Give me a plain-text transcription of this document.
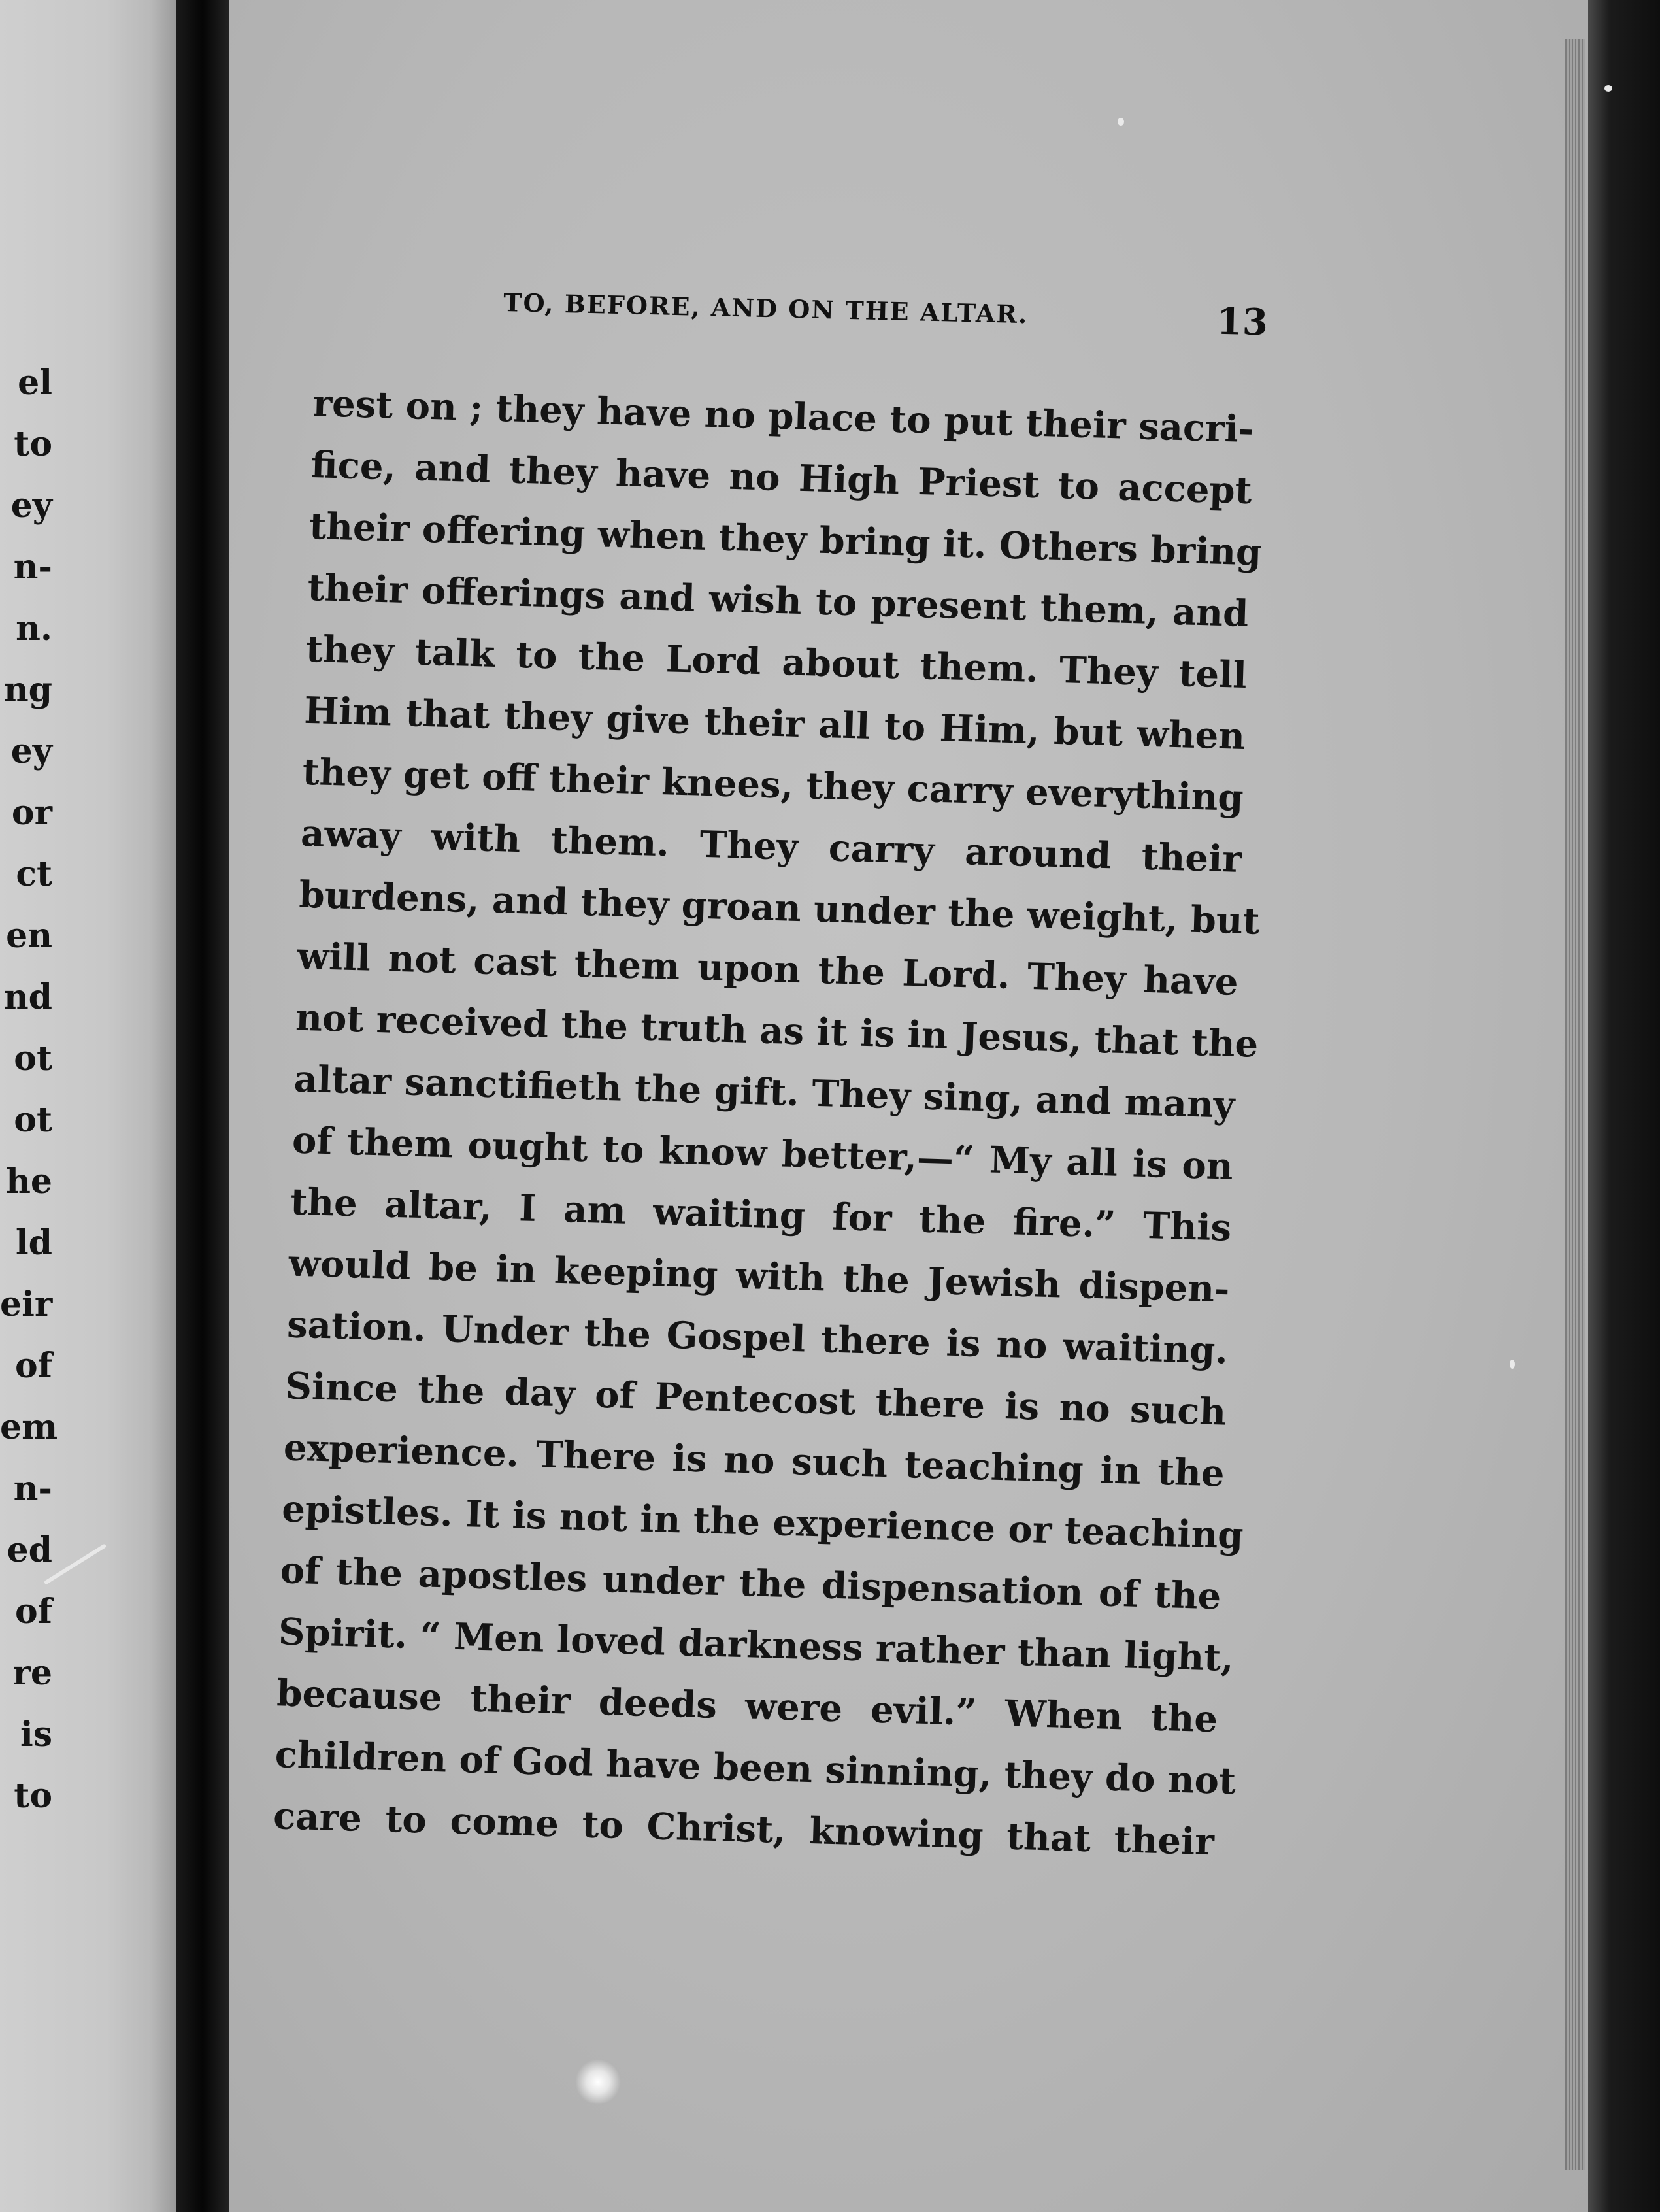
el
to
ey
n-
n.
ng
ey
or
ct
en
nd
ot
ot
he
ld
eir
of
em
n-
ed
of
re
is
to
TO, BEFORE, AND ON THE ALTAR.	13
rest on ; they have no place to put their sacri-
fice, and they have no High Priest to accept
their offering when they bring it. Others bring
their offerings and wish to present them, and
they talk to the Lord about them. They tell
Him that they give their all to Him, but when
they get off their knees, they carry everything
away with them. They carry around their
burdens, and they groan under the weight, but
will not cast them upon the Lord. They have
not received the truth as it is in Jesus, that the
altar sanctifieth the gift. They sing, and many
of them ought to know better,—“ My all is on
the altar, I am waiting for the fire.” This
would be in keeping with the Jewish dispen-
sation. Under the Gospel there is no waiting.
Since the day of Pentecost there is no such
experience. There is no such teaching in the
epistles. It is not in the experience or teaching
of the apostles under the dispensation of the
Spirit. “ Men loved darkness rather than light,
because their deeds were evil.” When the
children of God have been sinning, they do not
care to come to Christ, knowing that their
